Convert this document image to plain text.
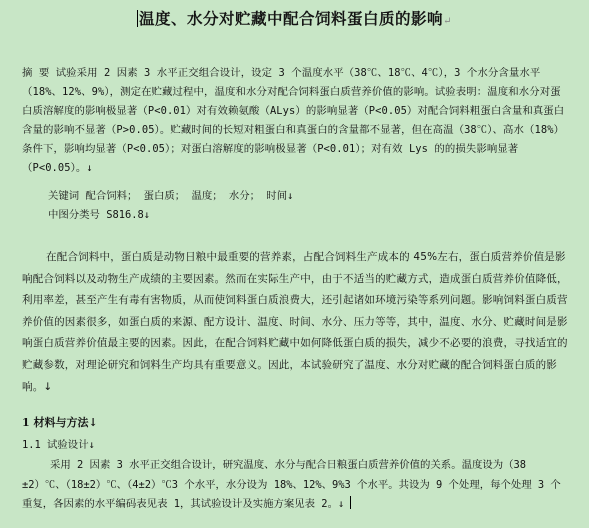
温度、水分对贮藏中配合饲料蛋白质的影响↵
摘 要 试验采用 2 因素 3 水平正交组合设计，设定 3 个温度水平（38℃、18℃、4℃），3 个水分含量水平（18%、12%、9%），测定在贮藏过程中，温度和水分对配合饲料蛋白质营养价值的影响。试验表明：温度和水分对蛋白质溶解度的影响极显著（P<0.01）对有效赖氨酸（ALys）的影响显著（P<0.05）对配合饲料粗蛋白含量和真蛋白含量的影响不显著（P>0.05）。贮藏时间的长短对粗蛋白和真蛋白的含量都不显著，但在高温（38℃）、高水（18%）条件下，影响均显著（P<0.05）；对蛋白溶解度的影响极显著（P<0.01）；对有效 Lys 的的损失影响显著（P<0.05）。↓
关键词 配合饲料； 蛋白质； 温度； 水分； 时间↓
中图分类号 S816.8↓
在配合饲料中，蛋白质是动物日粮中最重要的营养素，占配合饲料生产成本的 45%左右，蛋白质营养价值是影响配合饲料以及动物生产成绩的主要因素。然而在实际生产中，由于不适当的贮藏方式，造成蛋白质营养价值降低，利用率差，甚至产生有毒有害物质，从而使饲料蛋白质浪费大，还引起诸如环境污染等系列问题。影响饲料蛋白质营养价值的因素很多，如蛋白质的来源、配方设计、温度、时间、水分、压力等等，其中，温度、水分、贮藏时间是影响蛋白质营养价值最主要的因素。因此，在配合饲料贮藏中如何降低蛋白质的损失，减少不必要的浪费，寻找适宜的贮藏参数，对理论研究和饲料生产均具有重要意义。因此，本试验研究了温度、水分对贮藏的配合饲料蛋白质的影响。↓
1 材料与方法↓
1.1 试验设计↓
采用 2 因素 3 水平正交组合设计，研究温度、水分与配合日粮蛋白质营养价值的关系。温度设为（38 ±2）℃、（18±2）℃、（4±2）℃3 个水平，水分设为 18%、12%、9%3 个水平。共设为 9 个处理，每个处理 3 个重复，各因素的水平编码表见表 1，其试验设计及实施方案见表 2。↓
